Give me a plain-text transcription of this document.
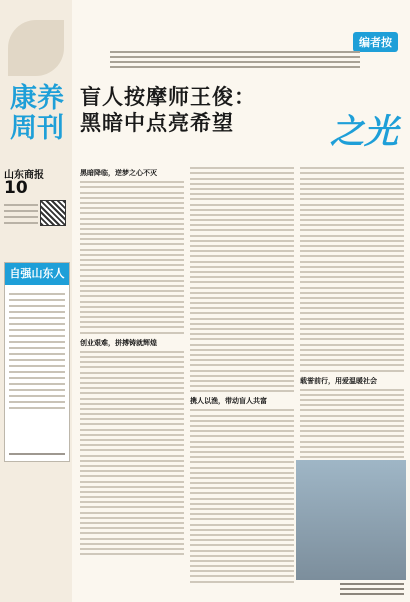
康养
周刊
山东商报
10
自强山东人
编者按
盲人按摩师王俊：
黑暗中点亮希望	之光
黑暗降临，逆梦之心不灭
创业艰难，拼搏铸就辉煌
携人以渔，带动盲人共富
载誉前行，用爱温暖社会
